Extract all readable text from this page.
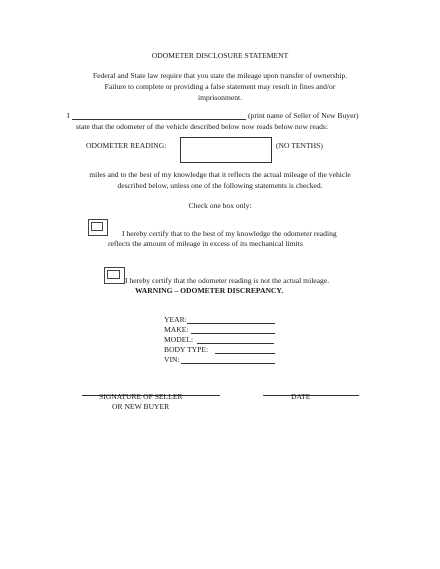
ODOMETER DISCLOSURE STATEMENT
Federal and State law require that you state the mileage upon transfer of ownership.
Failure to complete or providing a false statement may result in fines and/or
imprisonment.
I	(print name of Seller of New Buyer)
state that the odometer of the vehicle described below now reads below now reads:
ODOMETER READING:	(NO TENTHS)
miles and to the best of my knowledge that it reflects the actual mileage of the vehicle
described below, unless one of the following statements is checked.
Check one box only:
I hereby certify that to the best of my knowledge the odometer reading
reflects the amount of mileage in excess of its mechanical limits
I hereby certify that the odometer reading is not the actual mileage.
WARNING – ODOMETER DISCREPANCY.
YEAR:
MAKE:
MODEL:
BODY TYPE:
VIN:
SIGNATURE OF SELLER
OR NEW BUYER
DATE
